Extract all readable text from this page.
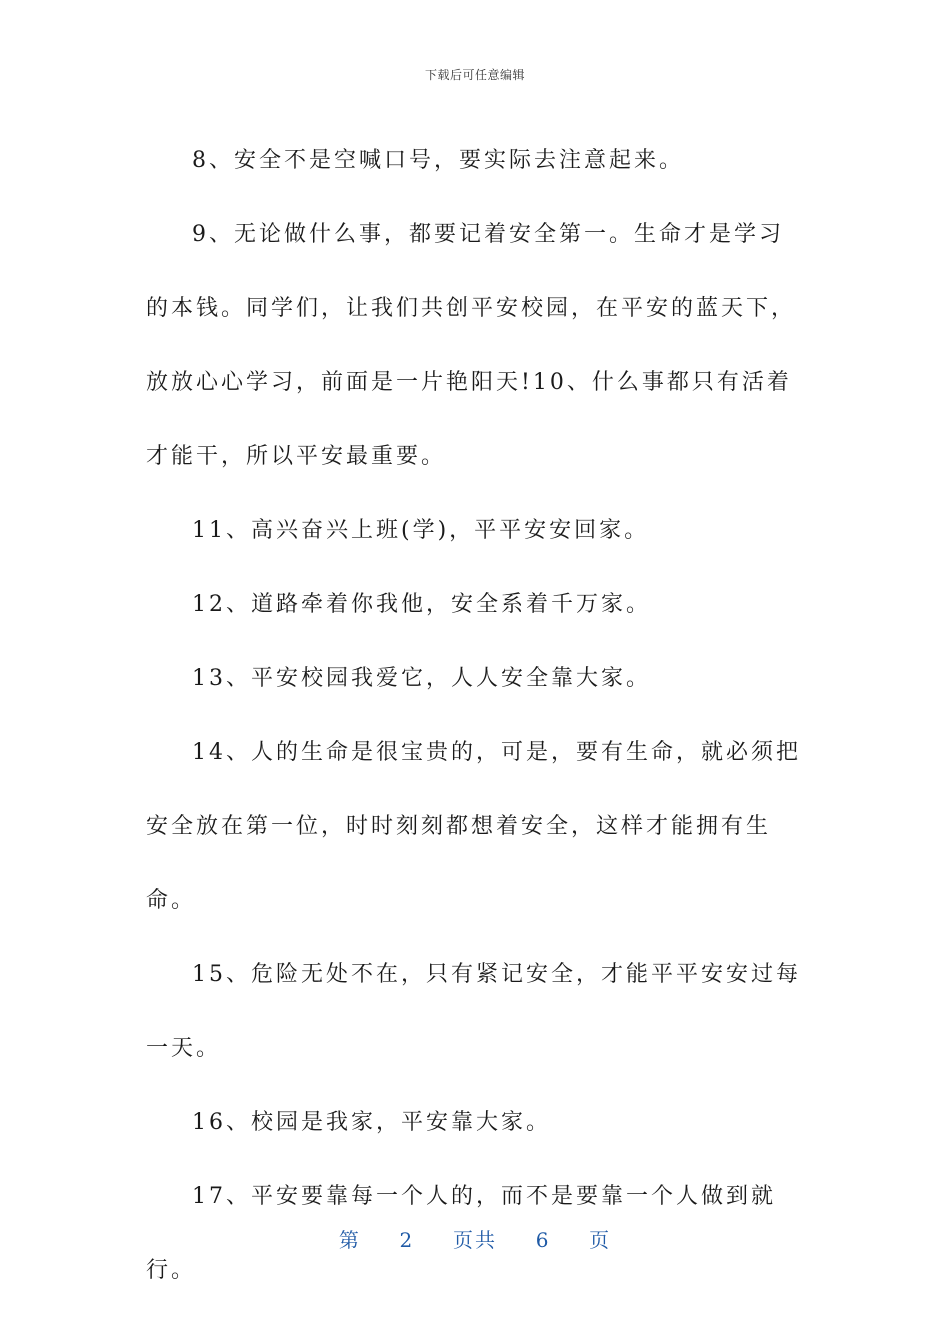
下载后可任意编辑

8、安全不是空喊口号，要实际去注意起来。

9、无论做什么事，都要记着安全第一。生命才是学习的本钱。同学们，让我们共创平安校园，在平安的蓝天下，放放心心学习，前面是一片艳阳天!10、什么事都只有活着才能干，所以平安最重要。

11、高兴奋兴上班(学)，平平安安回家。

12、道路牵着你我他，安全系着千万家。

13、平安校园我爱它，人人安全靠大家。

14、人的生命是很宝贵的，可是，要有生命，就必须把安全放在第一位，时时刻刻都想着安全，这样才能拥有生命。

15、危险无处不在，只有紧记安全，才能平平安安过每一天。

16、校园是我家，平安靠大家。

17、平安要靠每一个人的，而不是要靠一个人做到就行。

第 2 页共 6 页
